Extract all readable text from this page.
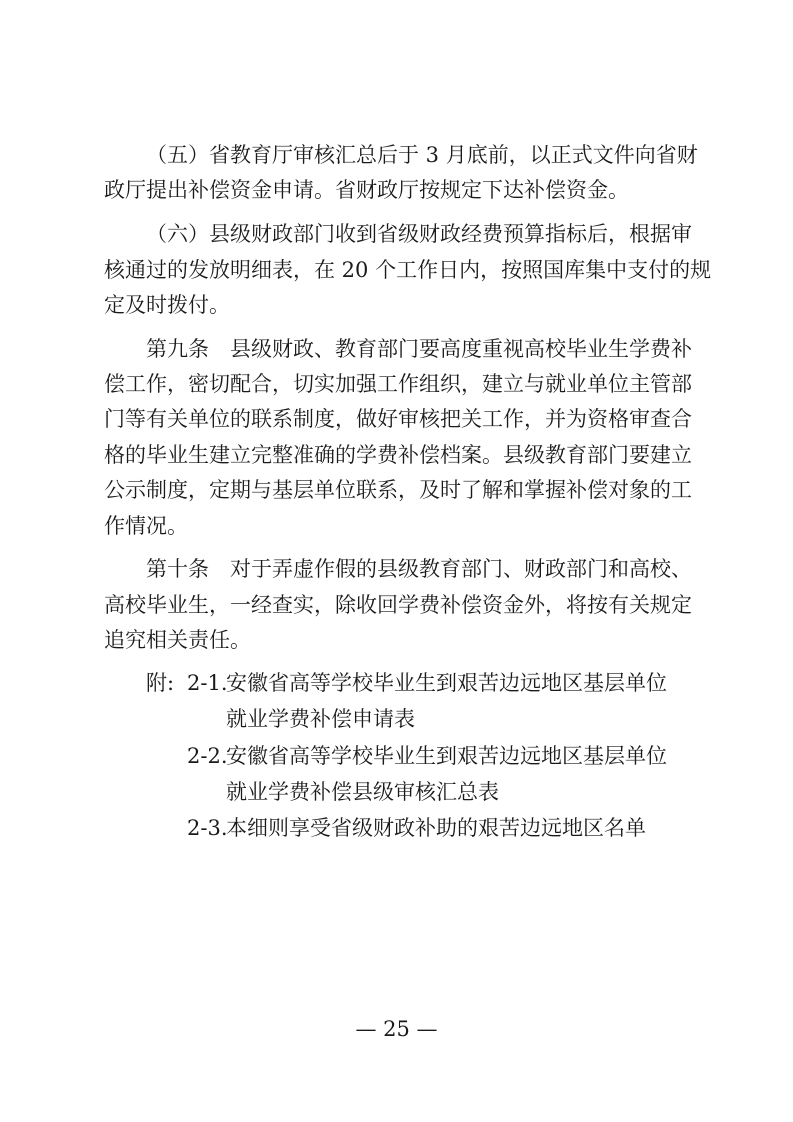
（五）省教育厅审核汇总后于 3 月底前，以正式文件向省财
政厅提出补偿资金申请。省财政厅按规定下达补偿资金。
（六）县级财政部门收到省级财政经费预算指标后，根据审
核通过的发放明细表，在 20 个工作日内，按照国库集中支付的规
定及时拨付。
第九条　县级财政、教育部门要高度重视高校毕业生学费补
偿工作，密切配合，切实加强工作组织，建立与就业单位主管部
门等有关单位的联系制度，做好审核把关工作，并为资格审查合
格的毕业生建立完整准确的学费补偿档案。县级教育部门要建立
公示制度，定期与基层单位联系，及时了解和掌握补偿对象的工
作情况。
第十条　对于弄虚作假的县级教育部门、财政部门和高校、
高校毕业生，一经查实，除收回学费补偿资金外，将按有关规定
追究相关责任。
附: 2-1.
安徽省高等学校毕业生到艰苦边远地区基层单位
就业学费补偿申请表
2-2.
安徽省高等学校毕业生到艰苦边远地区基层单位
就业学费补偿县级审核汇总表
2-3.
本细则享受省级财政补助的艰苦边远地区名单
— 25 —
